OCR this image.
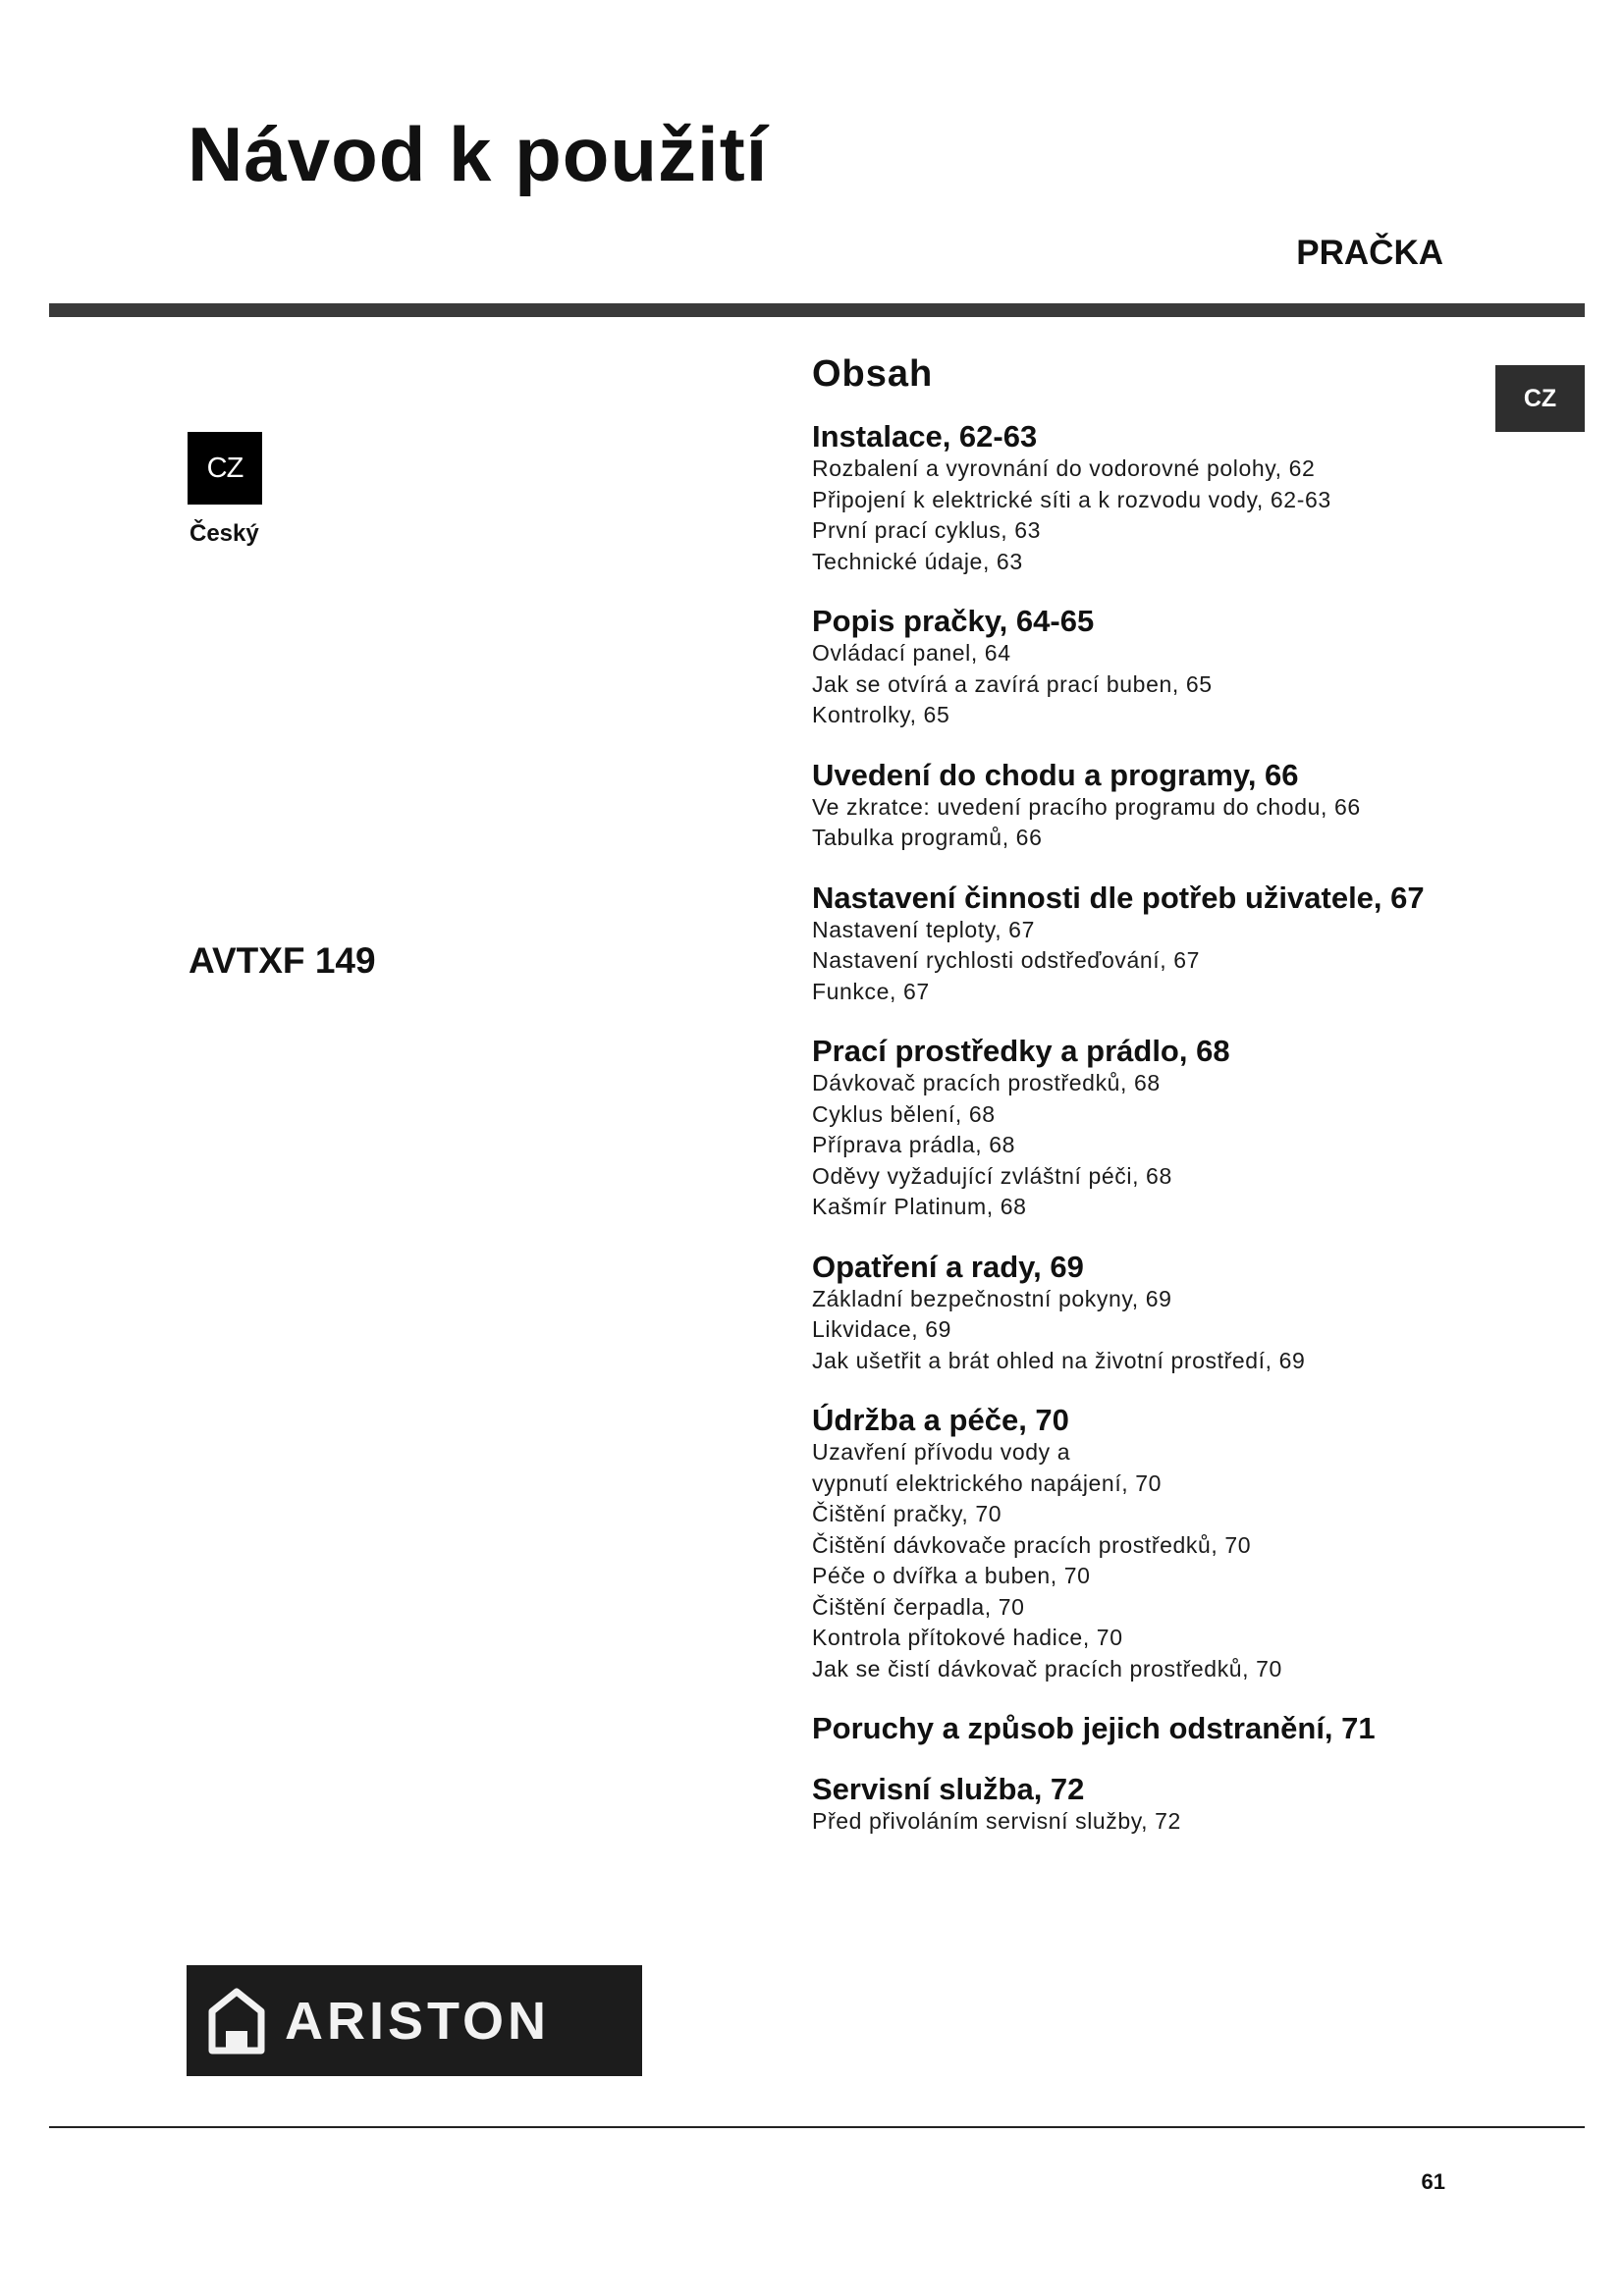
Návod k použití
PRAČKA
CZ
CZ
Český
AVTXF 149
Obsah
Instalace, 62-63
Rozbalení a vyrovnání do vodorovné polohy, 62
Připojení k elektrické síti a k rozvodu vody, 62-63
První prací cyklus, 63
Technické údaje, 63
Popis pračky, 64-65
Ovládací panel, 64
Jak se otvírá a zavírá prací buben, 65
Kontrolky, 65
Uvedení do chodu a programy, 66
Ve zkratce: uvedení pracího programu do chodu, 66
Tabulka programů, 66
Nastavení činnosti dle potřeb uživatele, 67
Nastavení teploty, 67
Nastavení rychlosti odstřeďování, 67
Funkce, 67
Prací prostředky a prádlo, 68
Dávkovač pracích prostředků, 68
Cyklus bělení, 68
Příprava prádla, 68
Oděvy vyžadující zvláštní péči, 68
Kašmír Platinum, 68
Opatření a rady, 69
Základní bezpečnostní pokyny, 69
Likvidace, 69
Jak ušetřit a brát ohled na životní prostředí, 69
Údržba a péče, 70
Uzavření přívodu vody a
vypnutí elektrického napájení, 70
Čištění pračky, 70
Čištění dávkovače pracích prostředků, 70
Péče o dvířka a buben, 70
Čištění čerpadla, 70
Kontrola přítokové hadice, 70
Jak se čistí dávkovač pracích prostředků, 70
Poruchy a způsob jejich odstranění, 71
Servisní služba, 72
Před přivoláním servisní služby, 72
ARISTON
61
